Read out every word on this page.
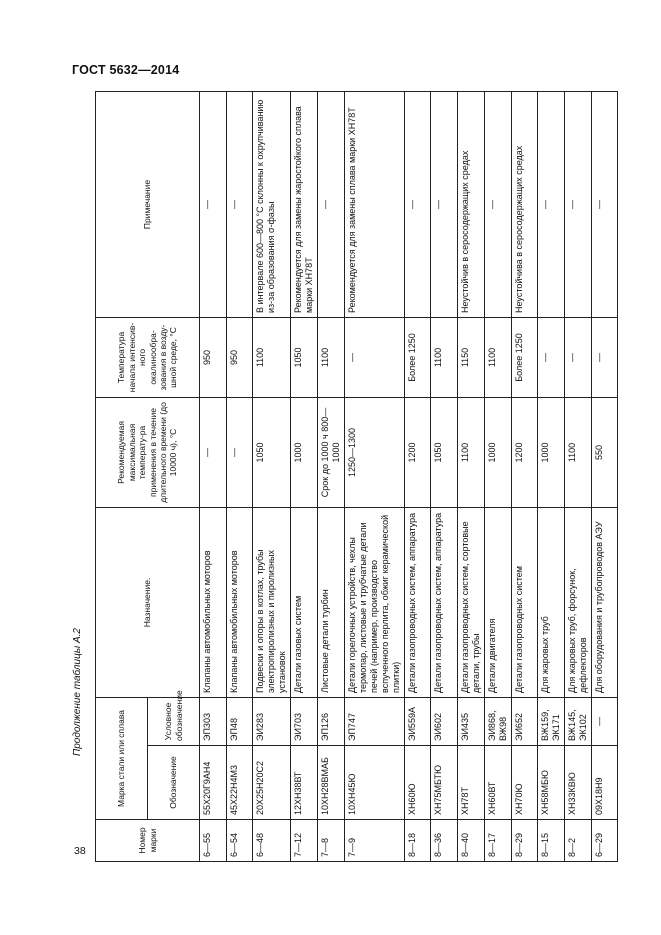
ГОСТ 5632—2014
Продолжение таблицы А.2
Номер марки	Марка стали или сплава		Назначение.	Рекомендуемая максимальная температу-ра применения в течение длительного времени (до 10000 ч), °С	Температура начала интенсив-ного окалинообра-зования в возду-шной среде, °С	Примечание
	Обозначение	Условное обозначение				
6—55	55Х20Г9АН4	ЭП303	Клапаны автомобильных моторов	—	950	—
6—54	45Х22Н4М3	ЭП48	Клапаны автомобильных моторов	—	950	—
6—48	20Х25Н20С2	ЭИ283	Подвески и опоры в котлах, трубы электропиролизных и пиролизных установок	1050	1100	В интервале 600—800 °С склонны к охрупчиванию из-за образования σ-фазы
7—12	12ХН38ВТ	ЭИ703	Детали газовых систем	1000	1050	Рекомендуется для замены жаростойкого сплава марки ХН78Т
7—8	10ХН28ВМАБ	ЭП126	Листовые детали турбин	Срок до 1000 ч 800—1000	1100	—
7—9	10ХН45Ю	ЭП747	Детали горелочных устройств, чехлы термопар, листовые и трубчатые детали печей (например, производство вспученного перлита, обжиг керамической плитки)	1250—1300	—	Рекомендуется для замены сплава марки ХН78Т
8—18	ХН60Ю	ЭИ559А	Детали газопроводных систем, аппаратура	1200	Более 1250	—
8—36	ХН75МБТЮ	ЭИ602	Детали газопроводных систем, аппаратура	1050	1100	—
8—40	ХН78Т	ЭИ435	Детали газопроводных систем, сортовые детали, трубы	1100	1150	Неустойчив в серосодержащих средах
8—17	ХН60ВТ	ЭИ868, ВЖ98	Детали двигателя	1000	1100	—
8—29	ХН70Ю	ЭИ652	Детали газопроводных систем	1200	Более 1250	Неустойчива в серосодержащих средах
8—15	ХН58МБЮ	ВЖ159, ЭК171	Для жаровых труб	1000	—	—
8—2	ХН33КВЮ	ВЖ145, ЭК102	Для жаровых труб, форсунок, дефлекторов	1100	—	—
6—29	09Х18Н9	—	Для оборудования и трубопроводов АЭУ	550	—	—
38
